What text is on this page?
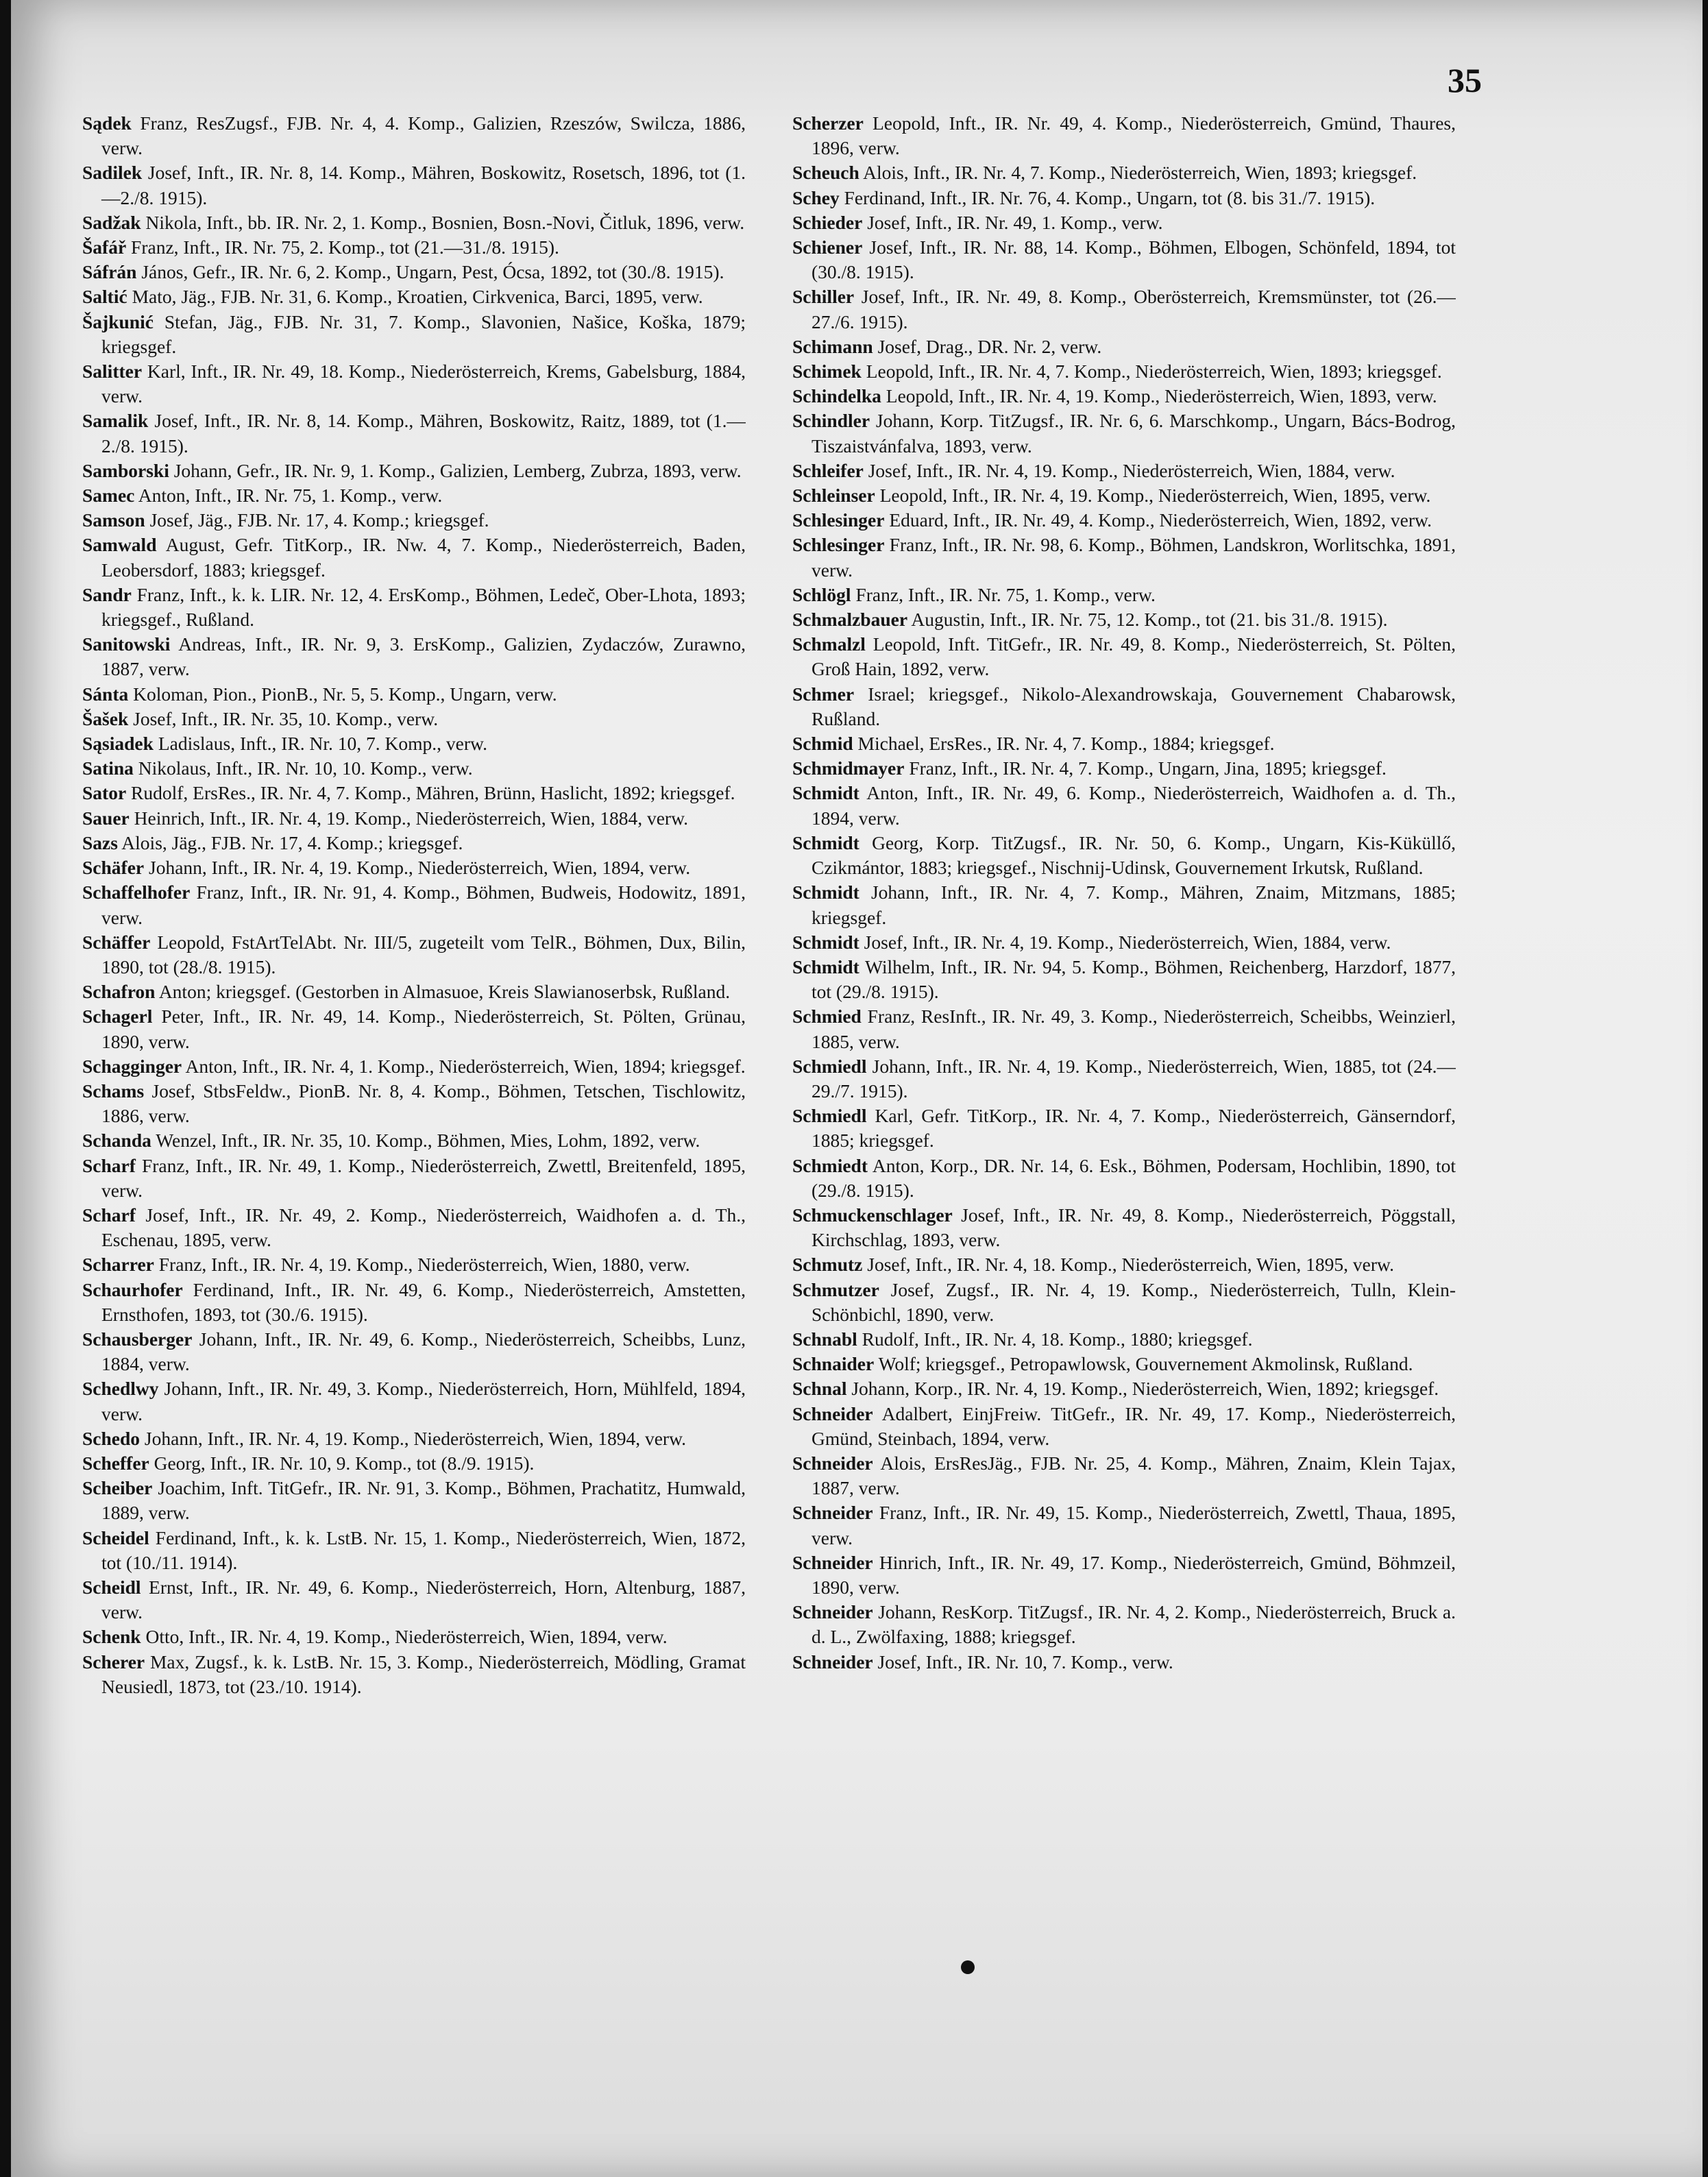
35
Sądek Franz, ResZugsf., FJB. Nr. 4, 4. Komp., Galizien, Rzeszów, Swilcza, 1886, verw.
Sadilek Josef, Inft., IR. Nr. 8, 14. Komp., Mähren, Boskowitz, Rosetsch, 1896, tot (1.—2./8. 1915).
Sadžak Nikola, Inft., bb. IR. Nr. 2, 1. Komp., Bosnien, Bosn.-Novi, Čitluk, 1896, verw.
Šafář Franz, Inft., IR. Nr. 75, 2. Komp., tot (21.—31./8. 1915).
Sáfrán János, Gefr., IR. Nr. 6, 2. Komp., Ungarn, Pest, Ócsa, 1892, tot (30./8. 1915).
Saltić Mato, Jäg., FJB. Nr. 31, 6. Komp., Kroatien, Cirkvenica, Barci, 1895, verw.
Šajkunić Stefan, Jäg., FJB. Nr. 31, 7. Komp., Slavonien, Našice, Koška, 1879; kriegsgef.
Salitter Karl, Inft., IR. Nr. 49, 18. Komp., Niederösterreich, Krems, Gabelsburg, 1884, verw.
Samalik Josef, Inft., IR. Nr. 8, 14. Komp., Mähren, Boskowitz, Raitz, 1889, tot (1.—2./8. 1915).
Samborski Johann, Gefr., IR. Nr. 9, 1. Komp., Galizien, Lemberg, Zubrza, 1893, verw.
Samec Anton, Inft., IR. Nr. 75, 1. Komp., verw.
Samson Josef, Jäg., FJB. Nr. 17, 4. Komp.; kriegsgef.
Samwald August, Gefr. TitKorp., IR. Nw. 4, 7. Komp., Niederösterreich, Baden, Leobersdorf, 1883; kriegsgef.
Sandr Franz, Inft., k. k. LIR. Nr. 12, 4. ErsKomp., Böhmen, Ledeč, Ober-Lhota, 1893; kriegsgef., Rußland.
Sanitowski Andreas, Inft., IR. Nr. 9, 3. ErsKomp., Galizien, Zydaczów, Zurawno, 1887, verw.
Sánta Koloman, Pion., PionB., Nr. 5, 5. Komp., Ungarn, verw.
Šašek Josef, Inft., IR. Nr. 35, 10. Komp., verw.
Sąsiadek Ladislaus, Inft., IR. Nr. 10, 7. Komp., verw.
Satina Nikolaus, Inft., IR. Nr. 10, 10. Komp., verw.
Sator Rudolf, ErsRes., IR. Nr. 4, 7. Komp., Mähren, Brünn, Haslicht, 1892; kriegsgef.
Sauer Heinrich, Inft., IR. Nr. 4, 19. Komp., Niederösterreich, Wien, 1884, verw.
Sazs Alois, Jäg., FJB. Nr. 17, 4. Komp.; kriegsgef.
Schäfer Johann, Inft., IR. Nr. 4, 19. Komp., Niederösterreich, Wien, 1894, verw.
Schaffelhofer Franz, Inft., IR. Nr. 91, 4. Komp., Böhmen, Budweis, Hodowitz, 1891, verw.
Schäffer Leopold, FstArtTelAbt. Nr. III/5, zugeteilt vom TelR., Böhmen, Dux, Bilin, 1890, tot (28./8. 1915).
Schafron Anton; kriegsgef. (Gestorben in Almasuoe, Kreis Slawianoserbsk, Rußland.
Schagerl Peter, Inft., IR. Nr. 49, 14. Komp., Niederösterreich, St. Pölten, Grünau, 1890, verw.
Schagginger Anton, Inft., IR. Nr. 4, 1. Komp., Niederösterreich, Wien, 1894; kriegsgef.
Schams Josef, StbsFeldw., PionB. Nr. 8, 4. Komp., Böhmen, Tetschen, Tischlowitz, 1886, verw.
Schanda Wenzel, Inft., IR. Nr. 35, 10. Komp., Böhmen, Mies, Lohm, 1892, verw.
Scharf Franz, Inft., IR. Nr. 49, 1. Komp., Niederösterreich, Zwettl, Breitenfeld, 1895, verw.
Scharf Josef, Inft., IR. Nr. 49, 2. Komp., Niederösterreich, Waidhofen a. d. Th., Eschenau, 1895, verw.
Scharrer Franz, Inft., IR. Nr. 4, 19. Komp., Niederösterreich, Wien, 1880, verw.
Schaurhofer Ferdinand, Inft., IR. Nr. 49, 6. Komp., Niederösterreich, Amstetten, Ernsthofen, 1893, tot (30./6. 1915).
Schausberger Johann, Inft., IR. Nr. 49, 6. Komp., Niederösterreich, Scheibbs, Lunz, 1884, verw.
Schedlwy Johann, Inft., IR. Nr. 49, 3. Komp., Niederösterreich, Horn, Mühlfeld, 1894, verw.
Schedo Johann, Inft., IR. Nr. 4, 19. Komp., Niederösterreich, Wien, 1894, verw.
Scheffer Georg, Inft., IR. Nr. 10, 9. Komp., tot (8./9. 1915).
Scheiber Joachim, Inft. TitGefr., IR. Nr. 91, 3. Komp., Böhmen, Prachatitz, Humwald, 1889, verw.
Scheidel Ferdinand, Inft., k. k. LstB. Nr. 15, 1. Komp., Niederösterreich, Wien, 1872, tot (10./11. 1914).
Scheidl Ernst, Inft., IR. Nr. 49, 6. Komp., Niederösterreich, Horn, Altenburg, 1887, verw.
Schenk Otto, Inft., IR. Nr. 4, 19. Komp., Niederösterreich, Wien, 1894, verw.
Scherer Max, Zugsf., k. k. LstB. Nr. 15, 3. Komp., Niederösterreich, Mödling, Gramat Neusiedl, 1873, tot (23./10. 1914).
Scherzer Leopold, Inft., IR. Nr. 49, 4. Komp., Niederösterreich, Gmünd, Thaures, 1896, verw.
Scheuch Alois, Inft., IR. Nr. 4, 7. Komp., Niederösterreich, Wien, 1893; kriegsgef.
Schey Ferdinand, Inft., IR. Nr. 76, 4. Komp., Ungarn, tot (8. bis 31./7. 1915).
Schieder Josef, Inft., IR. Nr. 49, 1. Komp., verw.
Schiener Josef, Inft., IR. Nr. 88, 14. Komp., Böhmen, Elbogen, Schönfeld, 1894, tot (30./8. 1915).
Schiller Josef, Inft., IR. Nr. 49, 8. Komp., Oberösterreich, Kremsmünster, tot (26.—27./6. 1915).
Schimann Josef, Drag., DR. Nr. 2, verw.
Schimek Leopold, Inft., IR. Nr. 4, 7. Komp., Niederösterreich, Wien, 1893; kriegsgef.
Schindelka Leopold, Inft., IR. Nr. 4, 19. Komp., Niederösterreich, Wien, 1893, verw.
Schindler Johann, Korp. TitZugsf., IR. Nr. 6, 6. Marschkomp., Ungarn, Bács-Bodrog, Tiszaistvánfalva, 1893, verw.
Schleifer Josef, Inft., IR. Nr. 4, 19. Komp., Niederösterreich, Wien, 1884, verw.
Schleinser Leopold, Inft., IR. Nr. 4, 19. Komp., Niederösterreich, Wien, 1895, verw.
Schlesinger Eduard, Inft., IR. Nr. 49, 4. Komp., Niederösterreich, Wien, 1892, verw.
Schlesinger Franz, Inft., IR. Nr. 98, 6. Komp., Böhmen, Landskron, Worlitschka, 1891, verw.
Schlögl Franz, Inft., IR. Nr. 75, 1. Komp., verw.
Schmalzbauer Augustin, Inft., IR. Nr. 75, 12. Komp., tot (21. bis 31./8. 1915).
Schmalzl Leopold, Inft. TitGefr., IR. Nr. 49, 8. Komp., Niederösterreich, St. Pölten, Groß Hain, 1892, verw.
Schmer Israel; kriegsgef., Nikolo-Alexandrowskaja, Gouvernement Chabarowsk, Rußland.
Schmid Michael, ErsRes., IR. Nr. 4, 7. Komp., 1884; kriegsgef.
Schmidmayer Franz, Inft., IR. Nr. 4, 7. Komp., Ungarn, Jina, 1895; kriegsgef.
Schmidt Anton, Inft., IR. Nr. 49, 6. Komp., Niederösterreich, Waidhofen a. d. Th., 1894, verw.
Schmidt Georg, Korp. TitZugsf., IR. Nr. 50, 6. Komp., Ungarn, Kis-Küküllő, Czikmántor, 1883; kriegsgef., Nischnij-Udinsk, Gouvernement Irkutsk, Rußland.
Schmidt Johann, Inft., IR. Nr. 4, 7. Komp., Mähren, Znaim, Mitzmans, 1885; kriegsgef.
Schmidt Josef, Inft., IR. Nr. 4, 19. Komp., Niederösterreich, Wien, 1884, verw.
Schmidt Wilhelm, Inft., IR. Nr. 94, 5. Komp., Böhmen, Reichenberg, Harzdorf, 1877, tot (29./8. 1915).
Schmied Franz, ResInft., IR. Nr. 49, 3. Komp., Niederösterreich, Scheibbs, Weinzierl, 1885, verw.
Schmiedl Johann, Inft., IR. Nr. 4, 19. Komp., Niederösterreich, Wien, 1885, tot (24.—29./7. 1915).
Schmiedl Karl, Gefr. TitKorp., IR. Nr. 4, 7. Komp., Niederösterreich, Gänserndorf, 1885; kriegsgef.
Schmiedt Anton, Korp., DR. Nr. 14, 6. Esk., Böhmen, Podersam, Hochlibin, 1890, tot (29./8. 1915).
Schmuckenschlager Josef, Inft., IR. Nr. 49, 8. Komp., Niederösterreich, Pöggstall, Kirchschlag, 1893, verw.
Schmutz Josef, Inft., IR. Nr. 4, 18. Komp., Niederösterreich, Wien, 1895, verw.
Schmutzer Josef, Zugsf., IR. Nr. 4, 19. Komp., Niederösterreich, Tulln, Klein-Schönbichl, 1890, verw.
Schnabl Rudolf, Inft., IR. Nr. 4, 18. Komp., 1880; kriegsgef.
Schnaider Wolf; kriegsgef., Petropawlowsk, Gouvernement Akmolinsk, Rußland.
Schnal Johann, Korp., IR. Nr. 4, 19. Komp., Niederösterreich, Wien, 1892; kriegsgef.
Schneider Adalbert, EinjFreiw. TitGefr., IR. Nr. 49, 17. Komp., Niederösterreich, Gmünd, Steinbach, 1894, verw.
Schneider Alois, ErsResJäg., FJB. Nr. 25, 4. Komp., Mähren, Znaim, Klein Tajax, 1887, verw.
Schneider Franz, Inft., IR. Nr. 49, 15. Komp., Niederösterreich, Zwettl, Thaua, 1895, verw.
Schneider Hinrich, Inft., IR. Nr. 49, 17. Komp., Niederösterreich, Gmünd, Böhmzeil, 1890, verw.
Schneider Johann, ResKorp. TitZugsf., IR. Nr. 4, 2. Komp., Niederösterreich, Bruck a. d. L., Zwölfaxing, 1888; kriegsgef.
Schneider Josef, Inft., IR. Nr. 10, 7. Komp., verw.
